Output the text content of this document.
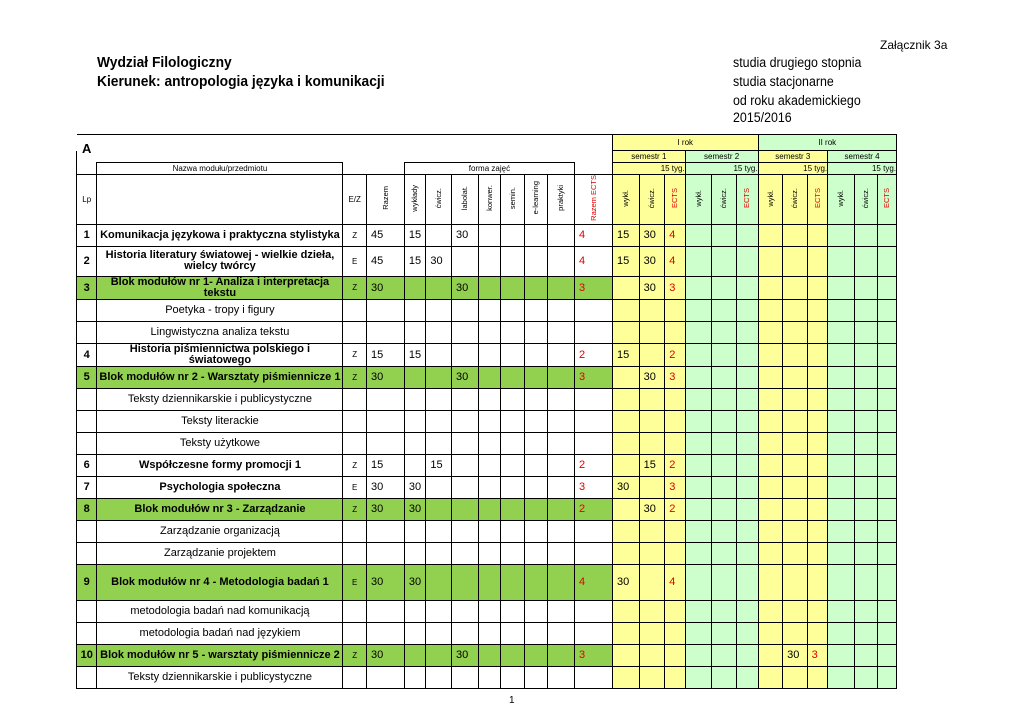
Załącznik 3a
Wydział Filologiczny
Kierunek: antropologia języka i komunikacji
studia drugiego stopnia
studia stacjonarne
od roku akademickiego
2015/2016
A
												I rok						II rok					
												semestr 1			semestr 2			semestr 3			semestr 4		
	Nazwa modułu/przedmiotu			forma zajęć								15 tyg.			15 tyg.			15 tyg.			15 tyg.		
Lp		E/Z	Razem	wykłady	ćwicz.	labolat.	konwer.	semin.	e-learning	praktyki	Razem ECTS	wykł.	ćwicz.	ECTS	wykł.	ćwicz.	ECTS	wykł.	ćwicz.	ECTS	wykł.	ćwicz.	ECTS
1	Komunikacja językowa i praktyczna stylistyka	Z	45	15		30					4	15	30	4									
2	Historia literatury światowej - wielkie dzieła, wielcy twórcy	E	45	15	30						4	15	30	4									
3	Blok modułów nr 1- Analiza i interpretacja tekstu	Z	30			30					3		30	3									
	Poetyka - tropy i figury																						
	Lingwistyczna analiza tekstu																						
4	Historia piśmiennictwa polskiego i światowego	Z	15	15							2	15		2									
5	Blok modułów nr 2 - Warsztaty piśmiennicze 1	Z	30			30					3		30	3									
	Teksty dziennikarskie i publicystyczne																						
	Teksty literackie																						
	Teksty użytkowe																						
6	Współczesne formy promocji 1	Z	15		15						2		15	2									
7	Psychologia społeczna	E	30	30							3	30		3									
8	Blok modułów nr 3 - Zarządzanie	Z	30	30							2		30	2									
	Zarządzanie organizacją																						
	Zarządzanie projektem																						
9	Blok modułów nr 4 - Metodologia badań 1	E	30	30							4	30		4									
	metodologia badań nad komunikacją																						
	metodologia badań nad językiem																						
10	Blok modułów nr 5 - warsztaty piśmiennicze 2	Z	30			30					3								30	3			
	Teksty dziennikarskie i publicystyczne																						
1
